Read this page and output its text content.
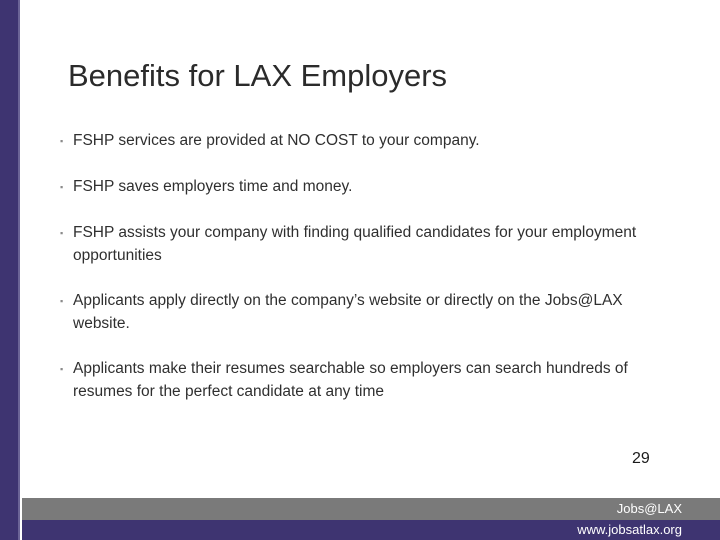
Benefits for LAX Employers
▪ FSHP services are provided at NO COST to your company.
▪ FSHP saves employers time and money.
▪ FSHP assists your company with finding qualified candidates for your employment opportunities
▪ Applicants apply directly on the company’s website or directly on the Jobs@LAX website.
▪ Applicants make their resumes searchable so employers can search hundreds of resumes for the perfect candidate at any time
29
Jobs@LAX
www.jobsatlax.org
